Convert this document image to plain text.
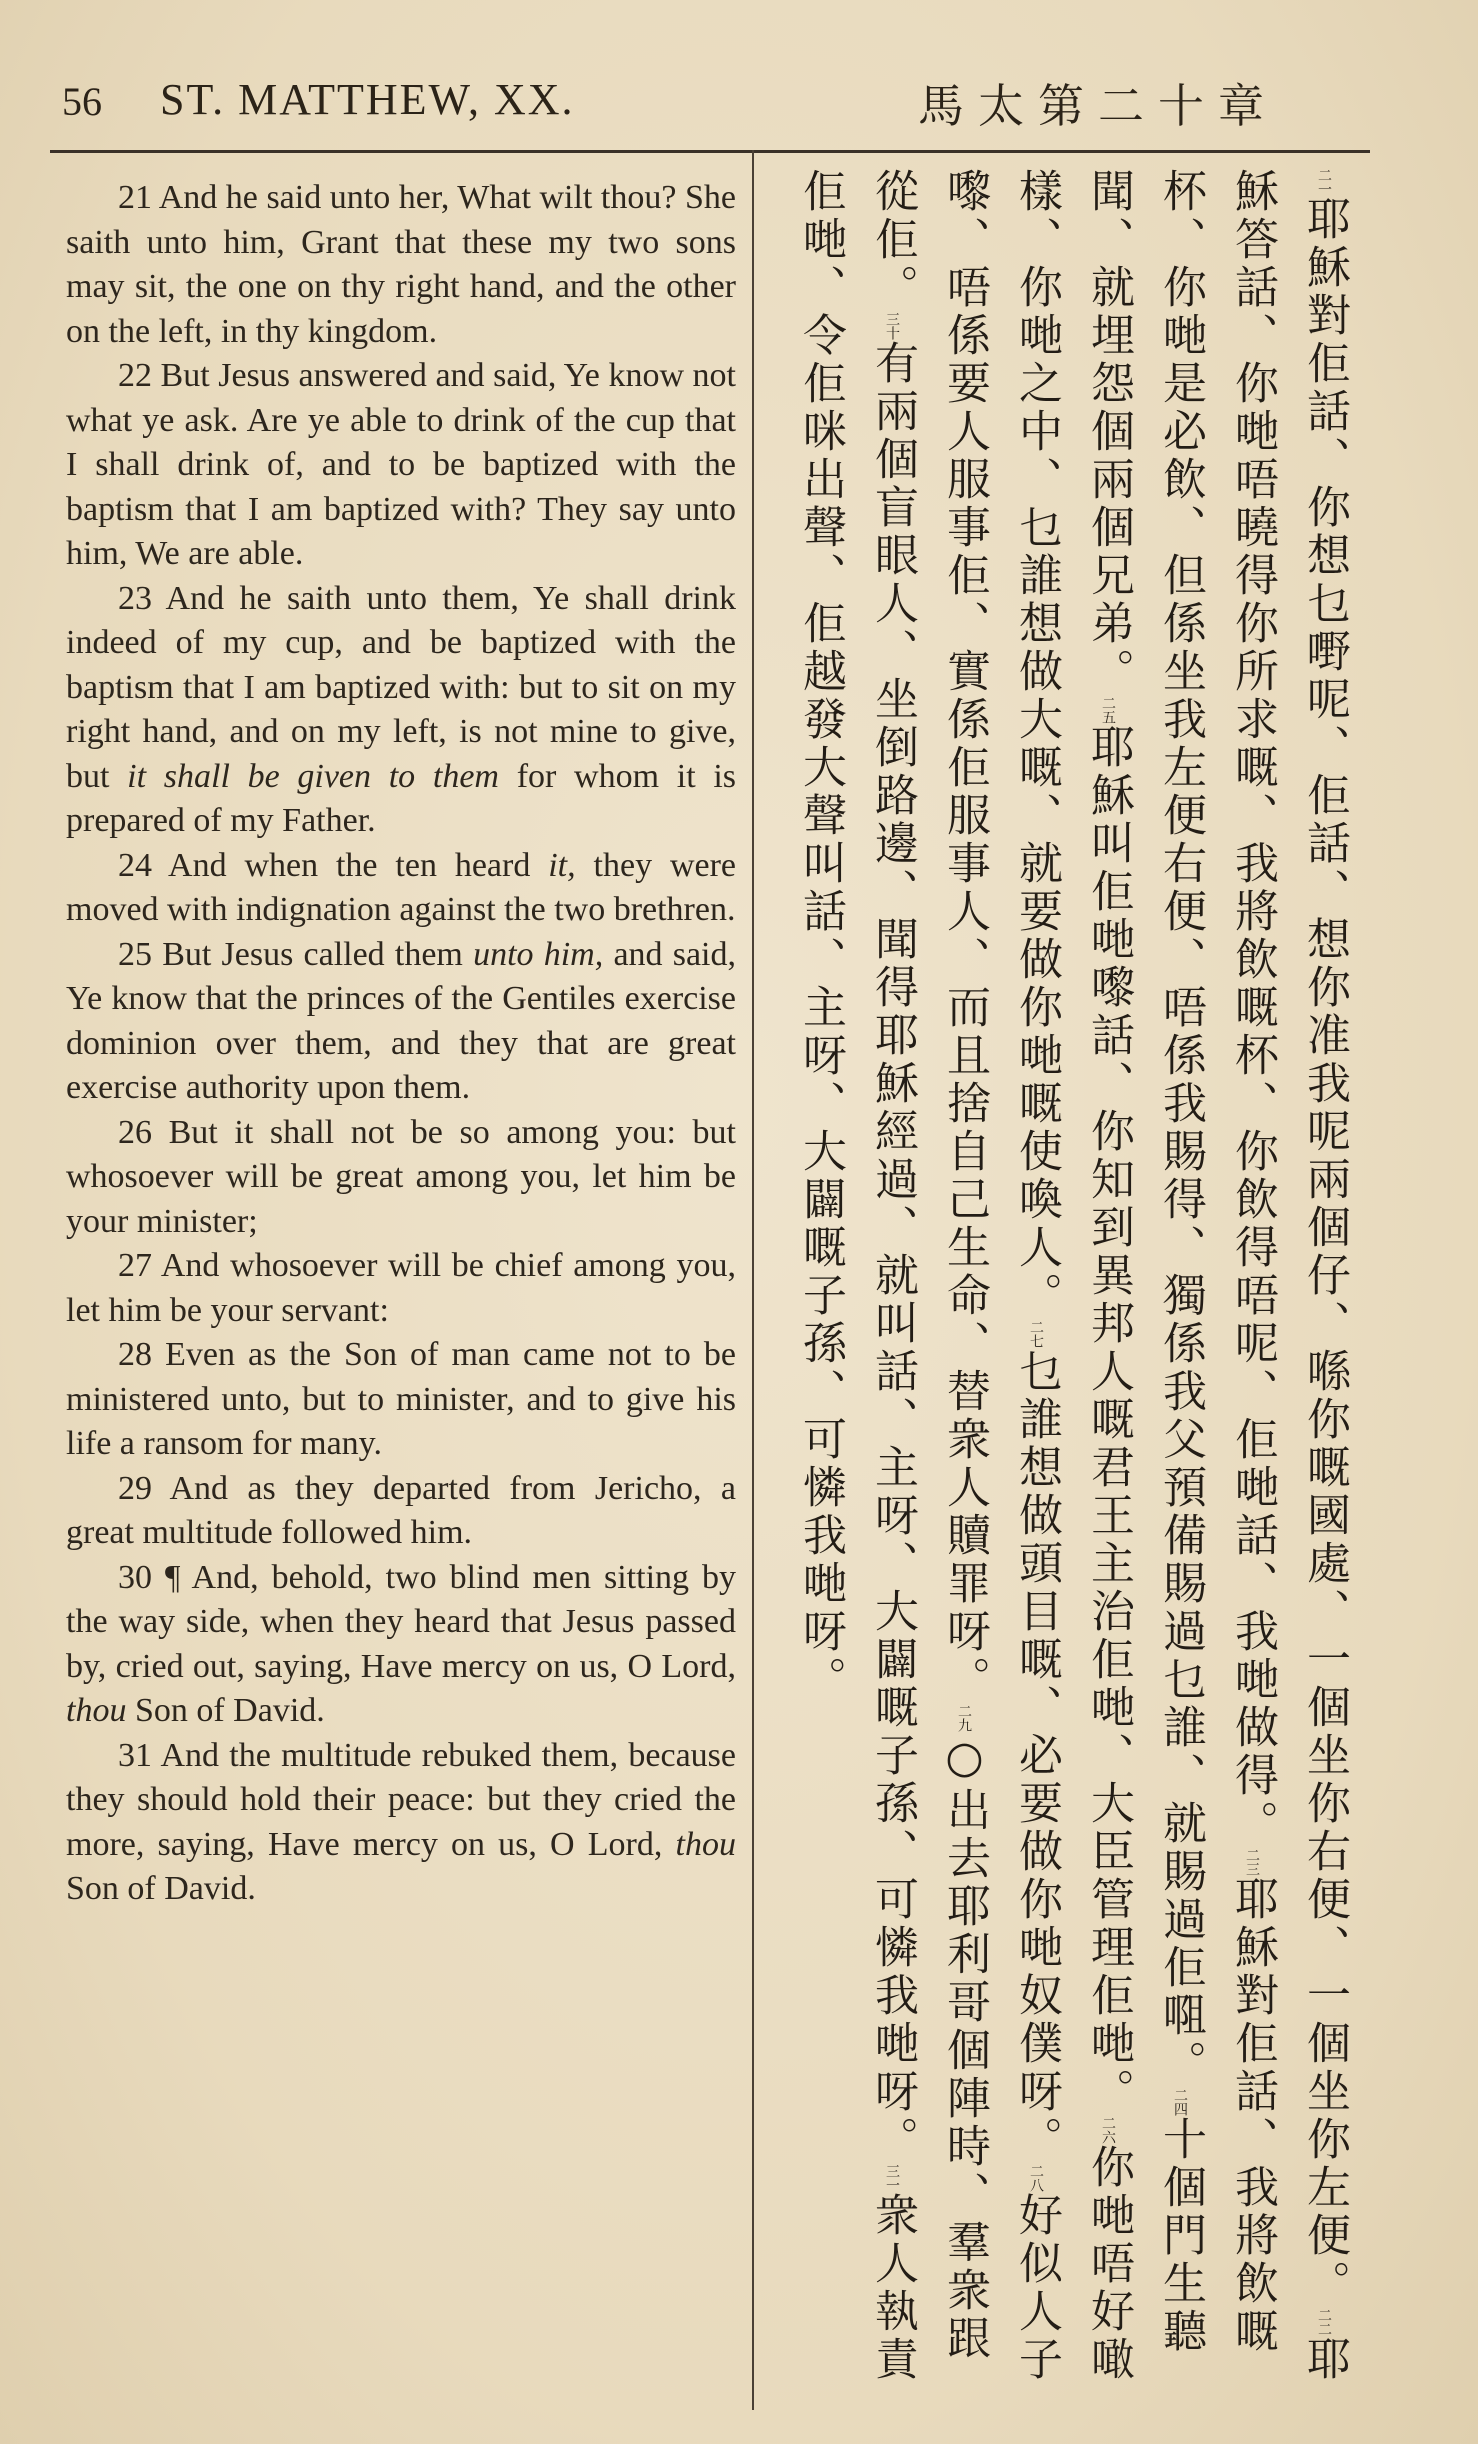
56 ST. MATTHEW, XX.	馬太第二十章

21 And he said unto her, What wilt thou? She saith unto him, Grant that these my two sons may sit, the one on thy right hand, and the other on the left, in thy kingdom.

22 But Jesus answered and said, Ye know not what ye ask. Are ye able to drink of the cup that I shall drink of, and to be baptized with the baptism that I am baptized with? They say unto him, We are able.

23 And he saith unto them, Ye shall drink indeed of my cup, and be baptized with the baptism that I am baptized with: but to sit on my right hand, and on my left, is not mine to give, but it shall be given to them for whom it is prepared of my Father.

24 And when the ten heard it, they were moved with indignation against the two brethren.

25 But Jesus called them unto him, and said, Ye know that the princes of the Gentiles exercise dominion over them, and they that are great exercise authority upon them.

26 But it shall not be so among you: but whosoever will be great among you, let him be your minister;

27 And whosoever will be chief among you, let him be your servant:

28 Even as the Son of man came not to be ministered unto, but to minister, and to give his life a ransom for many.

29 And as they departed from Jericho, a great multitude followed him.

30 ¶ And, behold, two blind men sitting by the way side, when they heard that Jesus passed by, cried out, saying, Have mercy on us, O Lord, thou Son of David.

31 And the multitude rebuked them, because they should hold their peace: but they cried the more, saying, Have mercy on us, O Lord, thou Son of David.

二一耶穌對佢話、你想乜嘢呢、佢話、想你准我呢兩個仔、喺你嘅國處、一個坐你右便、一個坐你左便。二二耶穌答話、你哋唔曉得你所求嘅、我將飲嘅杯、你飲得唔呢、佢哋話、我哋做得。二三耶穌對佢話、我將飲嘅杯、你哋是必飲、但係坐我左便右便、唔係我賜得、獨係我父預備賜過乜誰、就賜過佢唨。二四十個門生聽聞、就埋怨個兩個兄弟。二五耶穌叫佢哋嚟話、你知到異邦人嘅君王主治佢哋、大臣管理佢哋。二六你哋唔好噉樣、你哋之中、乜誰想做大嘅、就要做你哋嘅使喚人。二七乜誰想做頭目嘅、必要做你哋奴僕呀。二八好似人子嚟、唔係要人服事佢、實係佢服事人、而且捨自己生命、替衆人贖罪呀。二九○出去耶利哥個陣時、羣衆跟從佢。三十有兩個盲眼人、坐倒路邊、聞得耶穌經過、就叫話、主呀、大闢嘅子孫、可憐我哋呀。三一衆人執責佢哋、令佢咪出聲、佢越發大聲叫話、主呀、大闢嘅子孫、可憐我哋呀。
